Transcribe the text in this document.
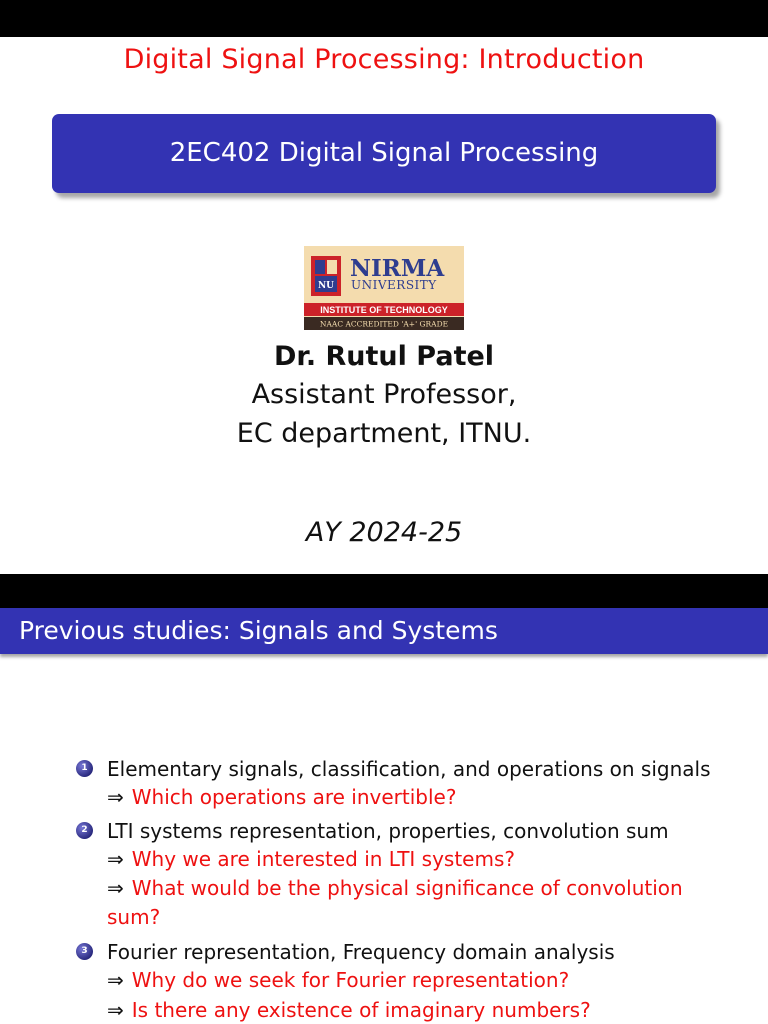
Digital Signal Processing: Introduction
2EC402 Digital Signal Processing
NU
NIRMA
UNIVERSITY
INSTITUTE OF TECHNOLOGY
NAAC ACCREDITED 'A+' GRADE
Dr. Rutul Patel
Assistant Professor,
EC department, ITNU.
AY 2024-25
Previous studies: Signals and Systems
1 Elementary signals, classification, and operations on signals
⇒ Which operations are invertible?
2 LTI systems representation, properties, convolution sum
⇒ Why we are interested in LTI systems?
⇒ What would be the physical significance of convolution
sum?
3 Fourier representation, Frequency domain analysis
⇒ Why do we seek for Fourier representation?
⇒ Is there any existence of imaginary numbers?
